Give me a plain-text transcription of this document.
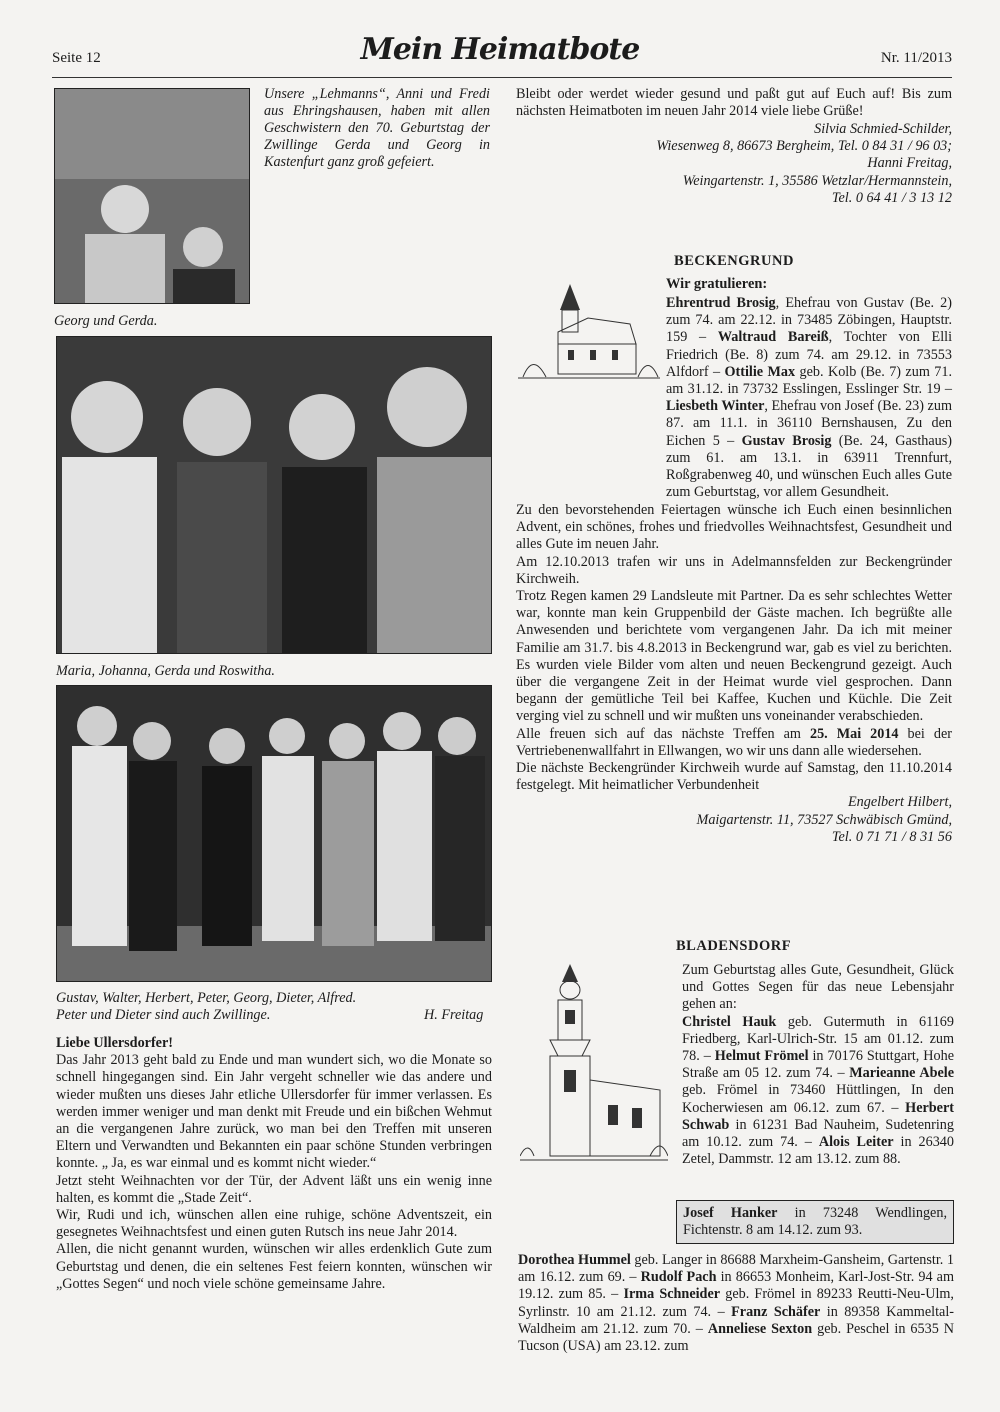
Seite 12	Mein Heimatbote	Nr. 11/2013
Unsere „Lehmanns“, Anni und Fredi aus Ehringshausen, haben mit allen Geschwistern den 70. Geburtstag der Zwillinge Gerda und Georg in Kastenfurt ganz groß gefeiert.
Georg und Gerda.
Maria, Johanna, Gerda und Roswitha.
Gustav, Walter, Herbert, Peter, Georg, Dieter, Alfred.
Peter und Dieter sind auch Zwillinge.	H. Freitag

Liebe Ullersdorfer!

Das Jahr 2013 geht bald zu Ende und man wundert sich, wo die Monate so schnell hingegangen sind. Ein Jahr vergeht schneller wie das andere und wieder mußten uns dieses Jahr etliche Ullersdorfer für immer verlassen. Es werden immer weniger und man denkt mit Freude und ein bißchen Wehmut an die vergangenen Jahre zurück, wo man bei den Treffen mit unseren Eltern und Verwandten und Bekannten ein paar schöne Stunden verbringen konnte. „ Ja, es war einmal und es kommt nicht wieder.“

Jetzt steht Weihnachten vor der Tür, der Advent läßt uns ein wenig inne halten, es kommt die „Stade Zeit“.

Wir, Rudi und ich, wünschen allen eine ruhige, schöne Adventszeit, ein gesegnetes Weihnachtsfest und einen guten Rutsch ins neue Jahr 2014.

Allen, die nicht genannt wurden, wünschen wir alles erdenklich Gute zum Geburtstag und denen, die ein seltenes Fest feiern konnten, wünschen wir „Gottes Segen“ und noch viele schöne gemeinsame Jahre.

Bleibt oder werdet wieder gesund und paßt gut auf Euch auf! Bis zum nächsten Heimatboten im neuen Jahr 2014 viele liebe Grüße!

Silvia Schmied-Schilder,

Wiesenweg 8, 86673 Bergheim, Tel. 0 84 31 / 96 03;

Hanni Freitag,

Weingartenstr. 1, 35586 Wetzlar/Hermannstein,

Tel. 0 64 41 / 3 13 12

BECKENGRUND
Wir gratulieren:

Ehrentrud Brosig, Ehefrau von Gustav (Be. 2) zum 74. am 22.12. in 73485 Zöbingen, Hauptstr. 159 – Waltraud Bareiß, Tochter von Elli Friedrich (Be. 8) zum 74. am 29.12. in 73553 Alfdorf – Ottilie Max geb. Kolb (Be. 7) zum 71. am 31.12. in 73732 Esslingen, Esslinger Str. 19 – Liesbeth Winter, Ehefrau von Josef (Be. 23) zum 87. am 11.1. in 36110 Bernshausen, Zu den Eichen 5 – Gustav Brosig (Be. 24, Gasthaus) zum 61. am 13.1. in 63911 Trennfurt, Roßgrabenweg 40, und wünschen Euch alles Gute zum Geburtstag, vor allem Gesundheit.

Zu den bevorstehenden Feiertagen wünsche ich Euch einen besinnlichen Advent, ein schönes, frohes und friedvolles Weihnachtsfest, Gesundheit und alles Gute im neuen Jahr.

Am 12.10.2013 trafen wir uns in Adelmannsfelden zur Beckengründer Kirchweih.

Trotz Regen kamen 29 Landsleute mit Partner. Da es sehr schlechtes Wetter war, konnte man kein Gruppenbild der Gäste machen. Ich begrüßte alle Anwesenden und berichtete vom vergangenen Jahr. Da ich mit meiner Familie am 31.7. bis 4.8.2013 in Beckengrund war, gab es viel zu berichten. Es wurden viele Bilder vom alten und neuen Beckengrund gezeigt. Auch über die vergangene Zeit in der Heimat wurde viel gesprochen. Dann begann der gemütliche Teil bei Kaffee, Kuchen und Küchle. Die Zeit verging viel zu schnell und wir mußten uns voneinander verabschieden.

Alle freuen sich auf das nächste Treffen am 25. Mai 2014 bei der Vertriebenenwallfahrt in Ellwangen, wo wir uns dann alle wiedersehen.

Die nächste Beckengründer Kirchweih wurde auf Samstag, den 11.10.2014 festgelegt. Mit heimatlicher Verbundenheit

Engelbert Hilbert,

Maigartenstr. 11, 73527 Schwäbisch Gmünd,

Tel. 0 71 71 / 8 31 56

BLADENSDORF

Zum Geburtstag alles Gute, Gesundheit, Glück und Gottes Segen für das neue Lebensjahr gehen an:

Christel Hauk geb. Gutermuth in 61169 Friedberg, Karl-Ulrich-Str. 15 am 01.12. zum 78. – Helmut Frömel in 70176 Stuttgart, Hohe Straße am 05 12. zum 74. – Marieanne Abele geb. Frömel in 73460 Hüttlingen, In den Kocherwiesen am 06.12. zum 67. – Herbert Schwab in 61231 Bad Nauheim, Sudetenring am 10.12. zum 74. – Alois Leiter in 26340 Zetel, Dammstr. 12 am 13.12. zum 88.

Josef Hanker in 73248 Wendlingen, Fichtenstr. 8 am 14.12. zum 93.

Dorothea Hummel geb. Langer in 86688 Marxheim-Gansheim, Gartenstr. 1 am 16.12. zum 69. – Rudolf Pach in 86653 Monheim, Karl-Jost-Str. 94 am 19.12. zum 85. – Irma Schneider geb. Frömel in 89233 Reutti-Neu-Ulm, Syrlinstr. 10 am 21.12. zum 74. – Franz Schäfer in 89358 Kammeltal-Waldheim am 21.12. zum 70. – Anneliese Sexton geb. Peschel in 6535 N Tucson (USA) am 23.12. zum
